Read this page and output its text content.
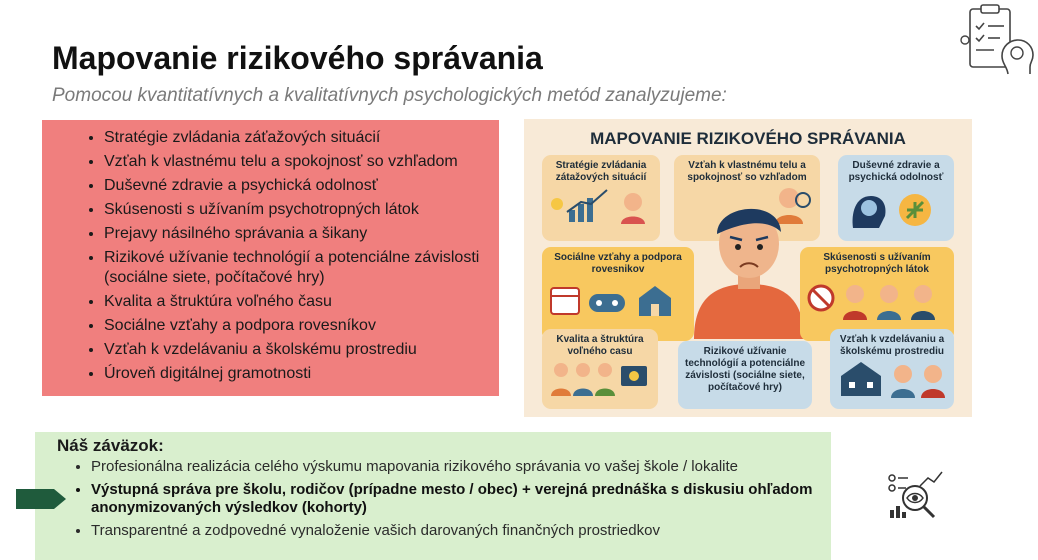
Mapovanie rizikového správania
Pomocou kvantitatívnych a kvalitatívnych psychologických metód zanalyzujeme:
• Stratégie zvládania záťažových situácií
• Vzťah k vlastnému telu a spokojnosť so vzhľadom
• Duševné zdravie a psychická odolnosť
• Skúsenosti s užívaním psychotropných látok
• Prejavy násilného správania a šikany
• Rizikové užívanie technológií a potenciálne závislosti (sociálne siete, počítačové hry)
• Kvalita a štruktúra voľného času
• Sociálne vzťahy a podpora rovesníkov
• Vzťah k vzdelávaniu a školskému prostrediu
• Úroveň digitálnej gramotnosti
MAPOVANIE RIZIKOVÉHO SPRÁVANIA
Stratégie zvládania zátažových situácií
Vzťah k vlastnému telu a spokojnosť so vzhľadom
Duševné zdravie a psychická odolnosť
Sociálne vzťahy a podpora rovesnikov
Skúsenosti s užívaním psychotropných látok
Kvalita a štruktúra voľného casu	Rizikové užívanie technológií a potenciálne závislosti (sociálne siete, počítačové hry)
Vzťah k vzdelávaniu a školskému prostrediu
Náš záväzok:
• Profesionálna realizácia celého výskumu mapovania rizikového správania vo vašej škole / lokalite
• Výstupná správa pre školu, rodičov (prípadne mesto / obec) + verejná prednáška s diskusiu ohľadom anonymizovaných výsledkov (kohorty)
• Transparentné a zodpovedné vynaloženie vašich darovaných finančných prostriedkov
